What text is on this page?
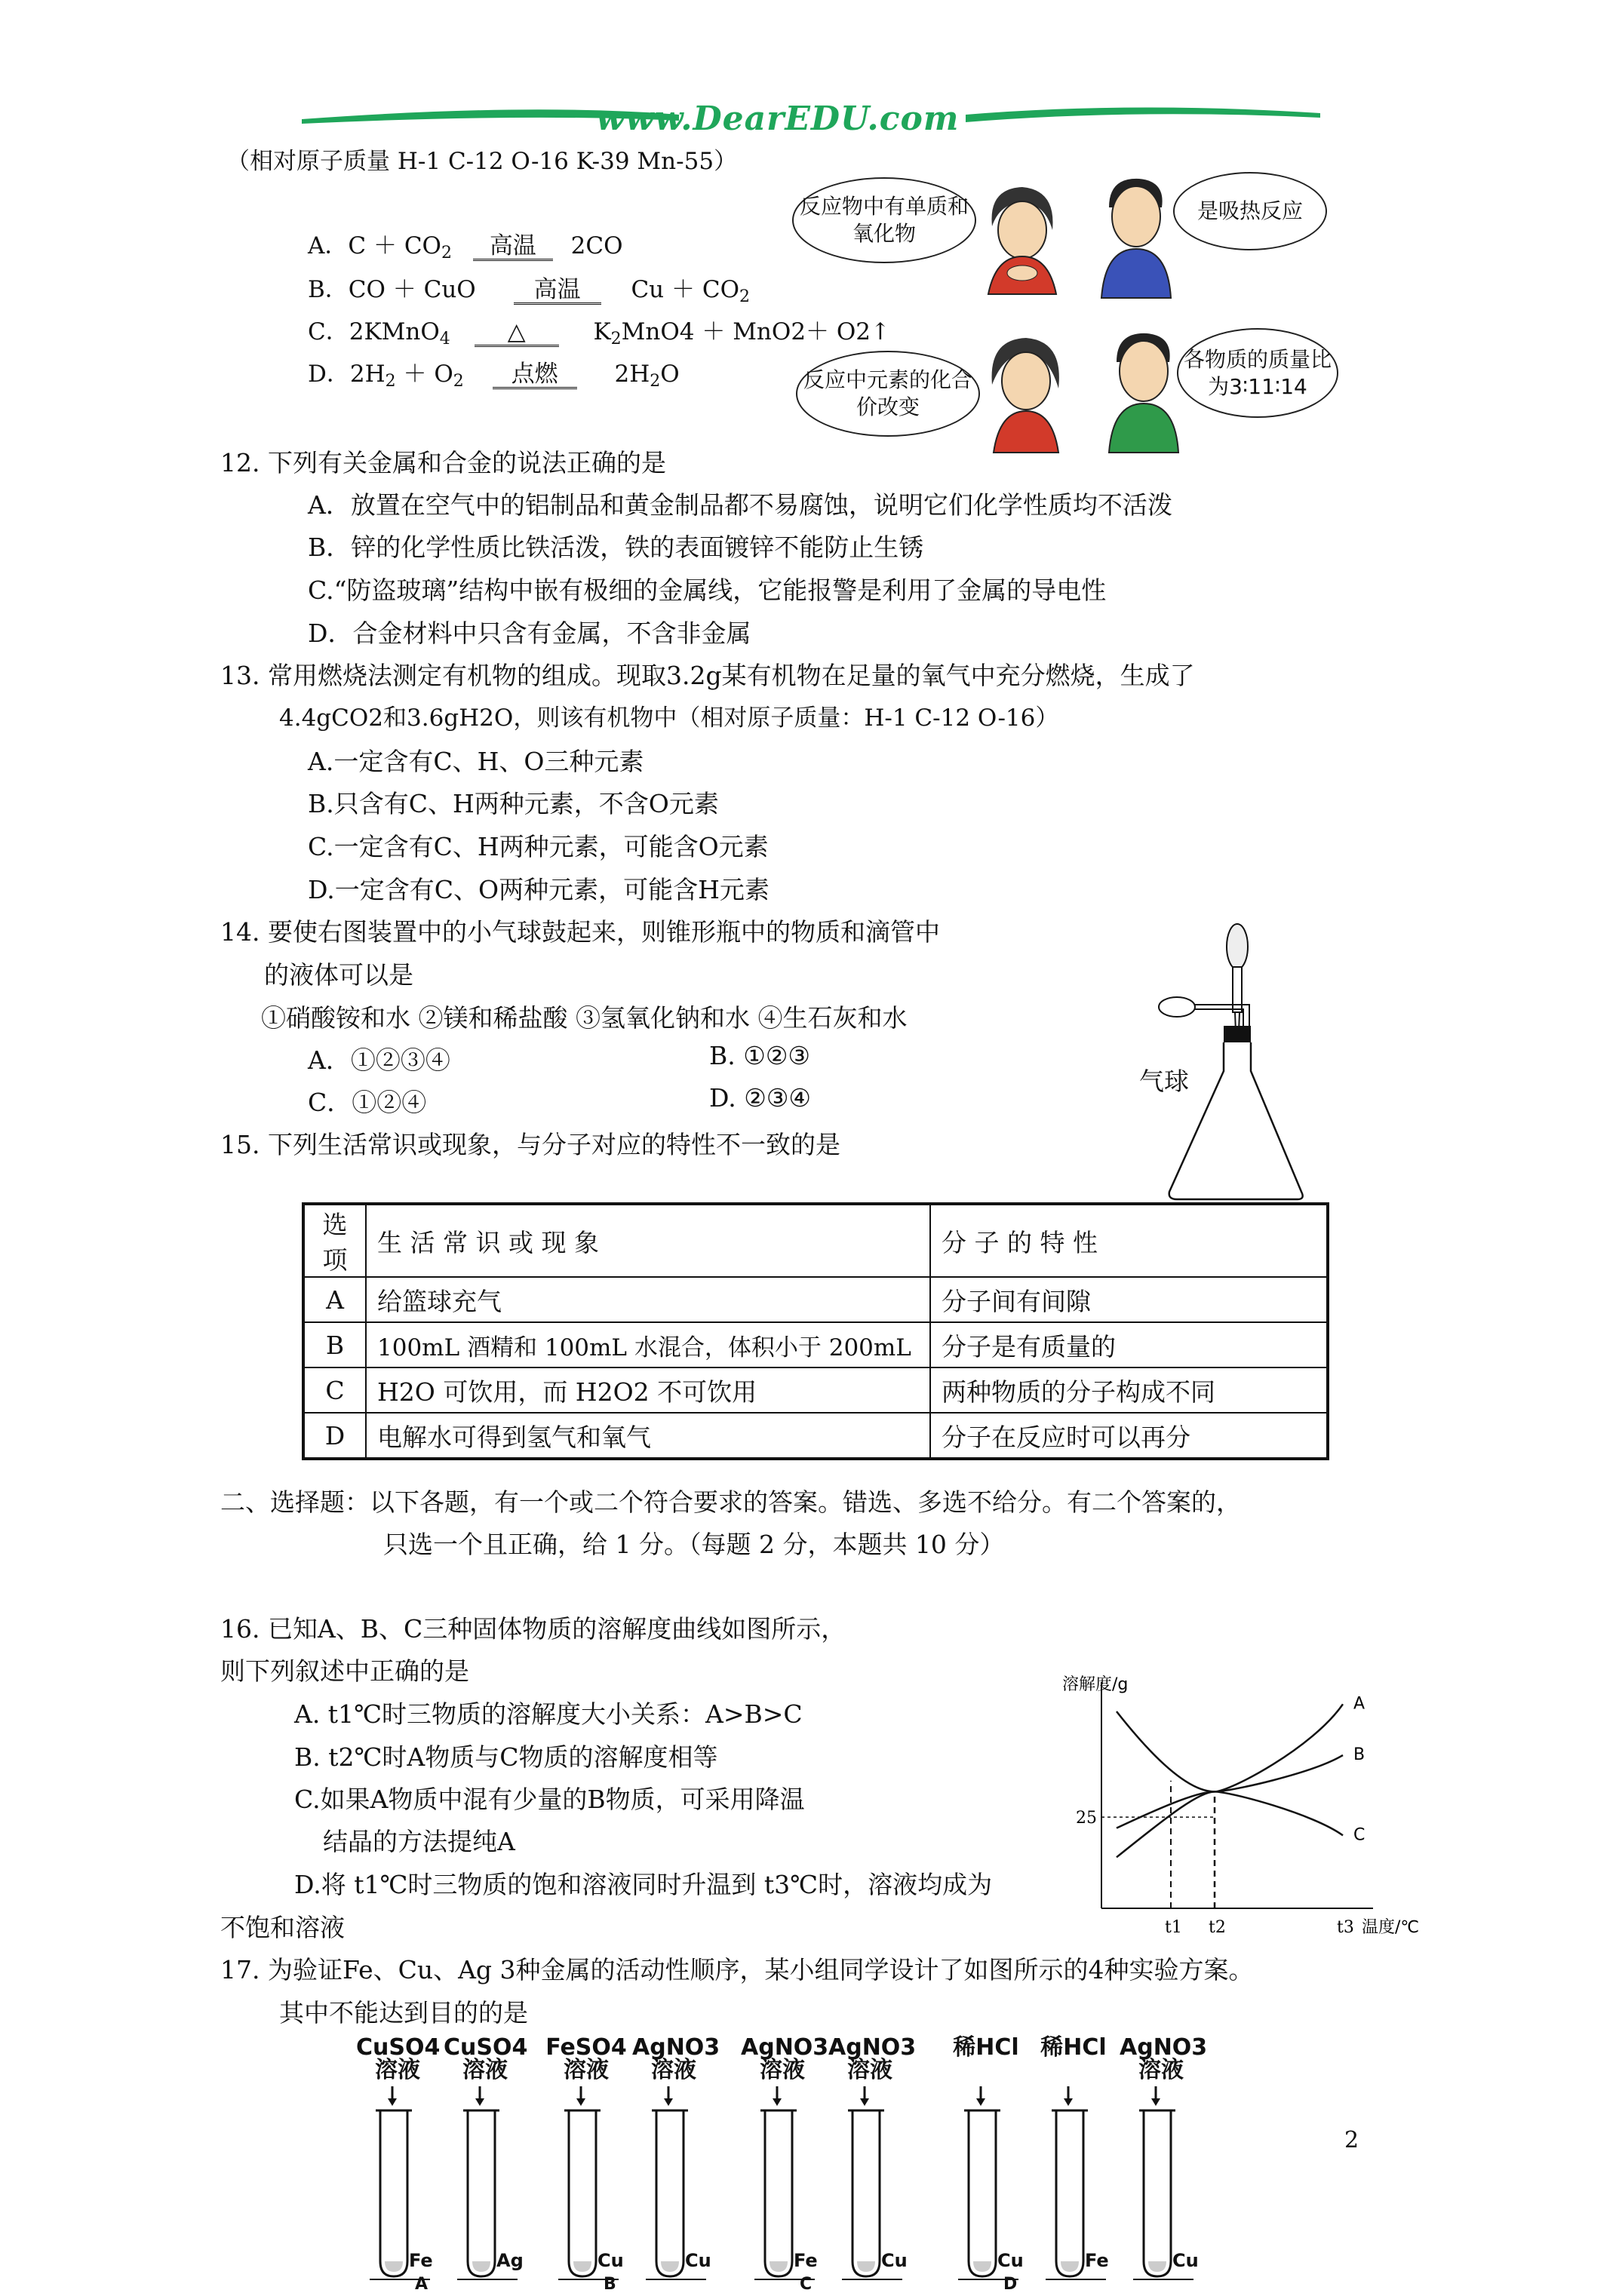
www.DearEDU.com
（相对原子质量 H-1 C-12 O-16 K-39 Mn-55）
A．$C + CO_2$ 高温 2CO
B．CO ＋ CuO 高温 $Cu + CO_2$
C．2KMnO$_4$ △	$K_2MnO4 + MnO2+$ O2↑
D．$2H_2 + O_2$ 点燃 $2H_2O$
反应物中有单质和氧化物
是吸热反应
反应中元素的化合价改变
各物质的质量比为3∶11∶14
12. 下列有关金属和合金的说法正确的是
A．放置在空气中的铝制品和黄金制品都不易腐蚀，说明它们化学性质均不活泼
B．锌的化学性质比铁活泼，铁的表面镀锌不能防止生锈
C.“防盗玻璃”结构中嵌有极细的金属线，它能报警是利用了金属的导电性
D．合金材料中只含有金属，不含非金属
13. 常用燃烧法测定有机物的组成。现取3.2g某有机物在足量的氧气中充分燃烧，生成了
4.4gCO2和3.6gH2O，则该有机物中（相对原子质量：H-1 C-12 O-16）
A.一定含有C、H、O三种元素
B.只含有C、H两种元素，不含O元素
C.一定含有C、H两种元素，可能含O元素
D.一定含有C、O两种元素，可能含H元素
14. 要使右图装置中的小气球鼓起来，则锥形瓶中的物质和滴管中
的液体可以是
①硝酸铵和水 ②镁和稀盐酸 ③氢氧化钠和水 ④生石灰和水
A．①②③④	B. ①②③
C．①②④	D. ②③④
气球
15. 下列生活常识或现象，与分子对应的特性不一致的是
选项	生 活 常 识 或 现 象	分 子 的 特 性
A	给篮球充气	分子间有间隙
B	100mL 酒精和 100mL 水混合，体积小于 200mL	分子是有质量的
C	H2O 可饮用，而 H2O2 不可饮用	两种物质的分子构成不同
D	电解水可得到氢气和氧气	分子在反应时可以再分
二、选择题：以下各题，有一个或二个符合要求的答案。错选、多选不给分。有二个答案的，
只选一个且正确，给 1 分。（每题 2 分，本题共 10 分）
16. 已知A、B、C三种固体物质的溶解度曲线如图所示，
则下列叙述中正确的是
A. t1℃时三物质的溶解度大小关系：A>B>C
B. t2℃时A物质与C物质的溶解度相等
C.如果A物质中混有少量的B物质，可采用降温
结晶的方法提纯A
D.将 t1℃时三物质的饱和溶液同时升温到 t3℃时，溶液均成为
不饱和溶液
溶解度/g
温度/℃
t1 t2	t3
25
A
B
C
17. 为验证Fe、Cu、Ag 3种金属的活动性顺序，某小组同学设计了如图所示的4种实验方案。
其中不能达到目的的是
CuSO4
溶液
Fe
CuSO4
溶液
Ag
A
FeSO4
溶液
Cu
AgNO3
溶液
Cu
B
AgNO3
溶液
Fe
AgNO3
溶液
Cu
C
稀HCl
Cu
稀HCl
Fe
AgNO3
溶液
Cu
D
2
